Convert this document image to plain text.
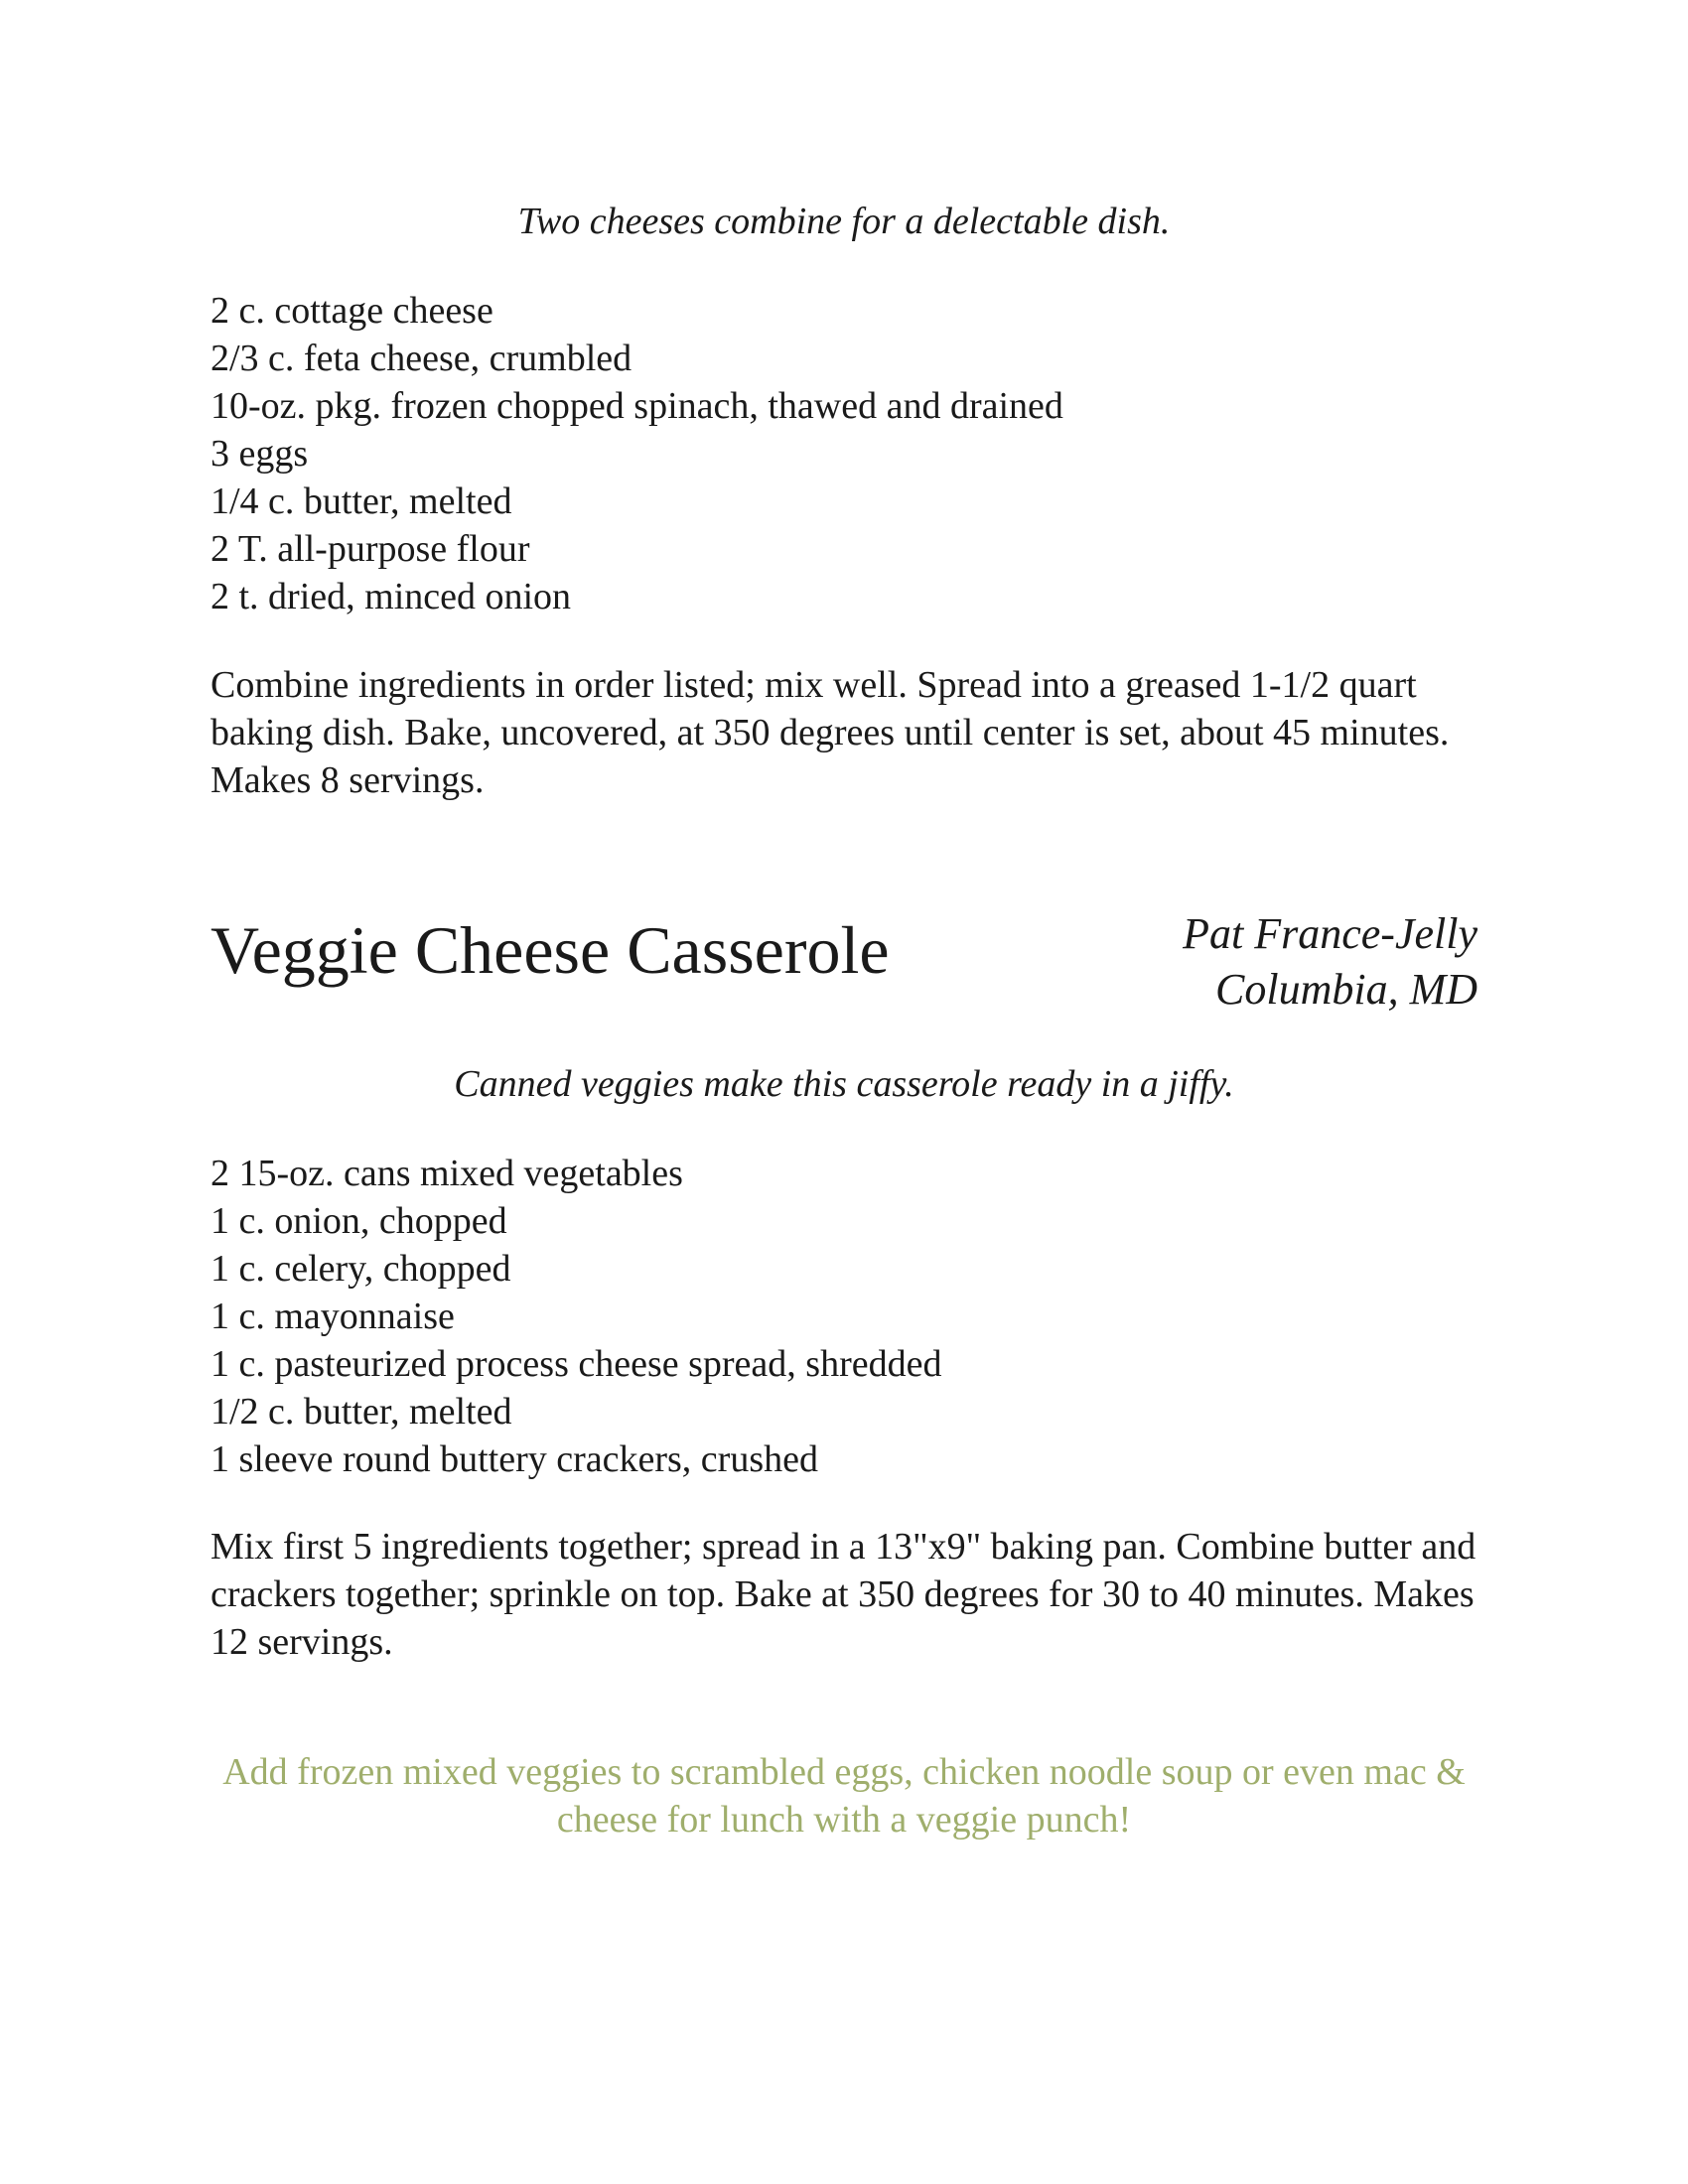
Two cheeses combine for a delectable dish.
2 c. cottage cheese
2/3 c. feta cheese, crumbled
10-oz. pkg. frozen chopped spinach, thawed and drained
3 eggs
1/4 c. butter, melted
2 T. all-purpose flour
2 t. dried, minced onion

Combine ingredients in order listed; mix well. Spread into a greased 1-1/2 quart baking dish. Bake, uncovered, at 350 degrees until center is set, about 45 minutes. Makes 8 servings.

Veggie Cheese Casserole	Pat France-Jelly
Columbia, MD
Canned veggies make this casserole ready in a jiffy.
2 15-oz. cans mixed vegetables
1 c. onion, chopped
1 c. celery, chopped
1 c. mayonnaise
1 c. pasteurized process cheese spread, shredded
1/2 c. butter, melted
1 sleeve round buttery crackers, crushed

Mix first 5 ingredients together; spread in a 13"x9" baking pan. Combine butter and crackers together; sprinkle on top. Bake at 350 degrees for 30 to 40 minutes. Makes 12 servings.

Add frozen mixed veggies to scrambled eggs, chicken noodle soup or even mac & cheese for lunch with a veggie punch!
